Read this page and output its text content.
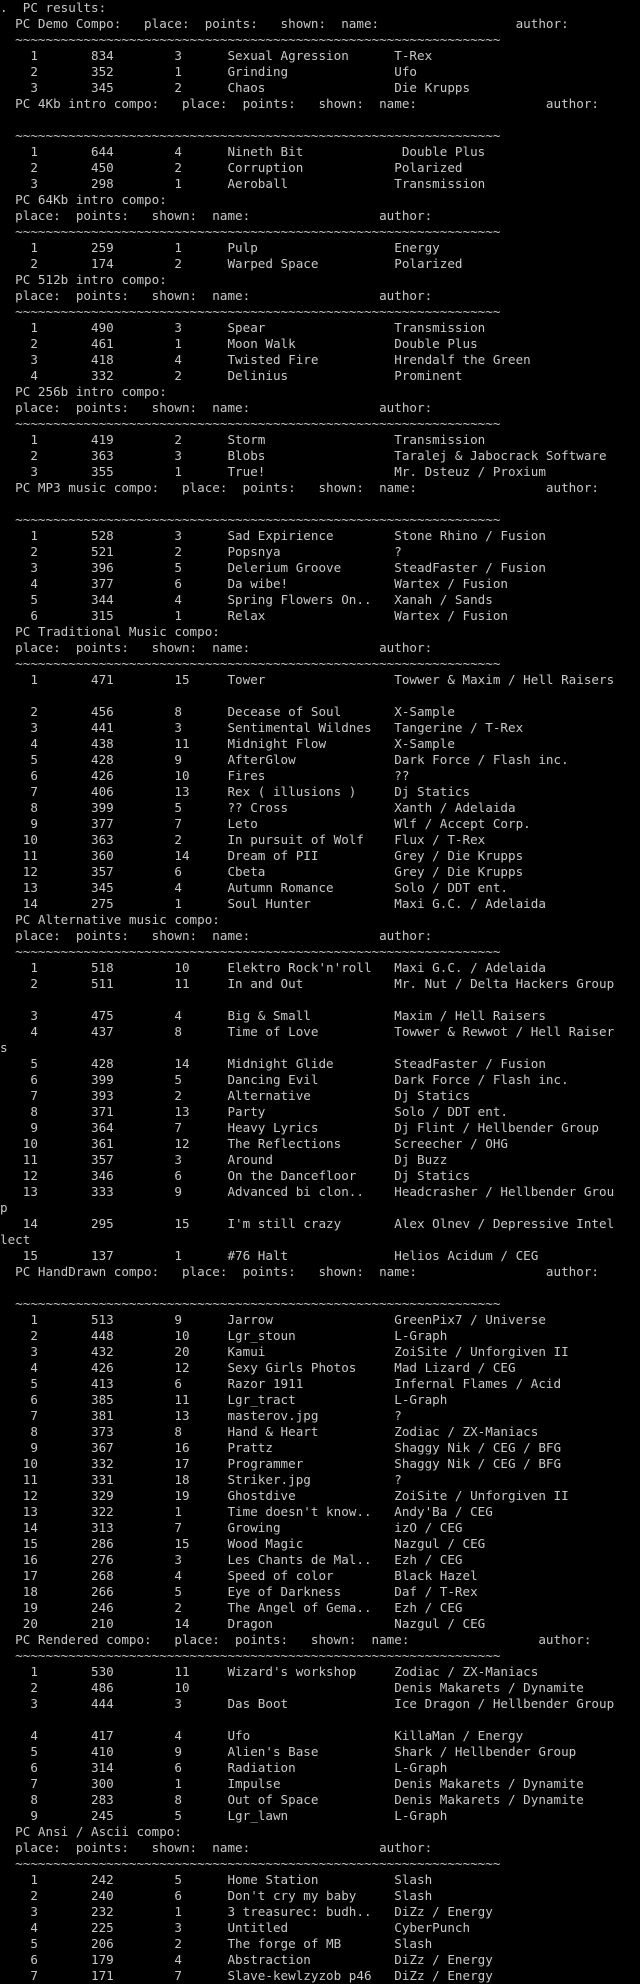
.  PC results:
PC Demo Compo:   place:  points:   shown:  name:                  author:
~~~~~~~~~~~~~~~~~~~~~~~~~~~~~~~~~~~~~~~~~~~~~~~~~~~~~~~~~~~~~~~~
1       834        3      Sexual Agression      T-Rex
2       352        1      Grinding              Ufo
3       345        2      Chaos                 Die Krupps
PC 4Kb intro compo:   place:  points:   shown:  name:                 author:
~~~~~~~~~~~~~~~~~~~~~~~~~~~~~~~~~~~~~~~~~~~~~~~~~~~~~~~~~~~~~~~~
1       644        4      Nineth Bit             Double Plus
2       450        2      Corruption            Polarized
3       298        1      Aeroball              Transmission
PC 64Kb intro compo:
place:  points:   shown:  name:                 author:
~~~~~~~~~~~~~~~~~~~~~~~~~~~~~~~~~~~~~~~~~~~~~~~~~~~~~~~~~~~~~~~~
1       259        1      Pulp                  Energy
2       174        2      Warped Space          Polarized
PC 512b intro compo:
place:  points:   shown:  name:                 author:
~~~~~~~~~~~~~~~~~~~~~~~~~~~~~~~~~~~~~~~~~~~~~~~~~~~~~~~~~~~~~~~~
1       490        3      Spear                 Transmission
2       461        1      Moon Walk             Double Plus
3       418        4      Twisted Fire          Hrendalf the Green
4       332        2      Delinius              Prominent
PC 256b intro compo:
place:  points:   shown:  name:                 author:
~~~~~~~~~~~~~~~~~~~~~~~~~~~~~~~~~~~~~~~~~~~~~~~~~~~~~~~~~~~~~~~~
1       419        2      Storm                 Transmission
2       363        3      Blobs                 Taralej & Jabocrack Software
3       355        1      True!                 Mr. Dsteuz / Proxium
PC MP3 music compo:   place:  points:   shown:  name:                 author:
~~~~~~~~~~~~~~~~~~~~~~~~~~~~~~~~~~~~~~~~~~~~~~~~~~~~~~~~~~~~~~~~
1       528        3      Sad Expirience        Stone Rhino / Fusion
2       521        2      Popsnya               ?
3       396        5      Delerium Groove       SteadFaster / Fusion
4       377        6      Da wibe!              Wartex / Fusion
5       344        4      Spring Flowers On..   Xanah / Sands
6       315        1      Relax                 Wartex / Fusion
PC Traditional Music compo:
place:  points:   shown:  name:                 author:
~~~~~~~~~~~~~~~~~~~~~~~~~~~~~~~~~~~~~~~~~~~~~~~~~~~~~~~~~~~~~~~~
1       471        15     Tower                 Towwer & Maxim / Hell Raisers
2       456        8      Decease of Soul       X-Sample
3       441        3      Sentimental Wildnes   Tangerine / T-Rex
4       438        11     Midnight Flow         X-Sample
5       428        9      AfterGlow             Dark Force / Flash inc.
6       426        10     Fires                 ??
7       406        13     Rex ( illusions )     Dj Statics
8       399        5      ?? Cross              Xanth / Adelaida
9       377        7      Leto                  Wlf / Accept Corp.
10       363        2      In pursuit of Wolf    Flux / T-Rex
11       360        14     Dream of PII          Grey / Die Krupps
12       357        6      Cbeta                 Grey / Die Krupps
13       345        4      Autumn Romance        Solo / DDT ent.
14       275        1      Soul Hunter           Maxi G.C. / Adelaida
PC Alternative music compo:
place:  points:   shown:  name:                 author:
~~~~~~~~~~~~~~~~~~~~~~~~~~~~~~~~~~~~~~~~~~~~~~~~~~~~~~~~~~~~~~~~
1       518        10     Elektro Rock'n'roll   Maxi G.C. / Adelaida
2       511        11     In and Out            Mr. Nut / Delta Hackers Group
3       475        4      Big & Small           Maxim / Hell Raisers
4       437        8      Time of Love          Towwer & Rewwot / Hell Raiser
s
5       428        14     Midnight Glide        SteadFaster / Fusion
6       399        5      Dancing Evil          Dark Force / Flash inc.
7       393        2      Alternative           Dj Statics
8       371        13     Party                 Solo / DDT ent.
9       364        7      Heavy Lyrics          Dj Flint / Hellbender Group
10       361        12     The Reflections       Screecher / OHG
11       357        3      Around                Dj Buzz
12       346        6      On the Dancefloor     Dj Statics
13       333        9      Advanced bi clon..    Headcrasher / Hellbender Grou
p
14       295        15     I'm still crazy       Alex Olnev / Depressive Intel
lect
15       137        1      #76 Halt              Helios Acidum / CEG
PC HandDrawn compo:   place:  points:   shown:  name:                 author:
~~~~~~~~~~~~~~~~~~~~~~~~~~~~~~~~~~~~~~~~~~~~~~~~~~~~~~~~~~~~~~~~
1       513        9      Jarrow                GreenPix7 / Universe
2       448        10     Lgr_stoun             L-Graph
3       432        20     Kamui                 ZoiSite / Unforgiven II
4       426        12     Sexy Girls Photos     Mad Lizard / CEG
5       413        6      Razor 1911            Infernal Flames / Acid
6       385        11     Lgr_tract             L-Graph
7       381        13     masterov.jpg          ?
8       373        8      Hand & Heart          Zodiac / ZX-Maniacs
9       367        16     Prattz                Shaggy Nik / CEG / BFG
10       332        17     Programmer            Shaggy Nik / CEG / BFG
11       331        18     Striker.jpg           ?
12       329        19     Ghostdive             ZoiSite / Unforgiven II
13       322        1      Time doesn't know..   Andy'Ba / CEG
14       313        7      Growing               izO / CEG
15       286        15     Wood Magic            Nazgul / CEG
16       276        3      Les Chants de Mal..   Ezh / CEG
17       268        4      Speed of color        Black Hazel
18       266        5      Eye of Darkness       Daf / T-Rex
19       246        2      The Angel of Gema..   Ezh / CEG
20       210        14     Dragon                Nazgul / CEG
PC Rendered compo:   place:  points:   shown:  name:                 author:
~~~~~~~~~~~~~~~~~~~~~~~~~~~~~~~~~~~~~~~~~~~~~~~~~~~~~~~~~~~~~~~~
1       530        11     Wizard's workshop     Zodiac / ZX-Maniacs
2       486        10                           Denis Makarets / Dynamite
3       444        3      Das Boot              Ice Dragon / Hellbender Group
4       417        4      Ufo                   KillaMan / Energy
5       410        9      Alien's Base          Shark / Hellbender Group
6       314        6      Radiation             L-Graph
7       300        1      Impulse               Denis Makarets / Dynamite
8       283        8      Out of Space          Denis Makarets / Dynamite
9       245        5      Lgr_lawn              L-Graph
PC Ansi / Ascii compo:
place:  points:   shown:  name:                 author:
~~~~~~~~~~~~~~~~~~~~~~~~~~~~~~~~~~~~~~~~~~~~~~~~~~~~~~~~~~~~~~~~
1       242        5      Home Station          Slash
2       240        6      Don't cry my baby     Slash
3       232        1      3 treasurec: budh..   DiZz / Energy
4       225        3      Untitled              CyberPunch
5       206        2      The forge of MB       Slash
6       179        4      Abstraction           DiZz / Energy
7       171        7      Slave-kewlzyzob p46   DiZz / Energy
